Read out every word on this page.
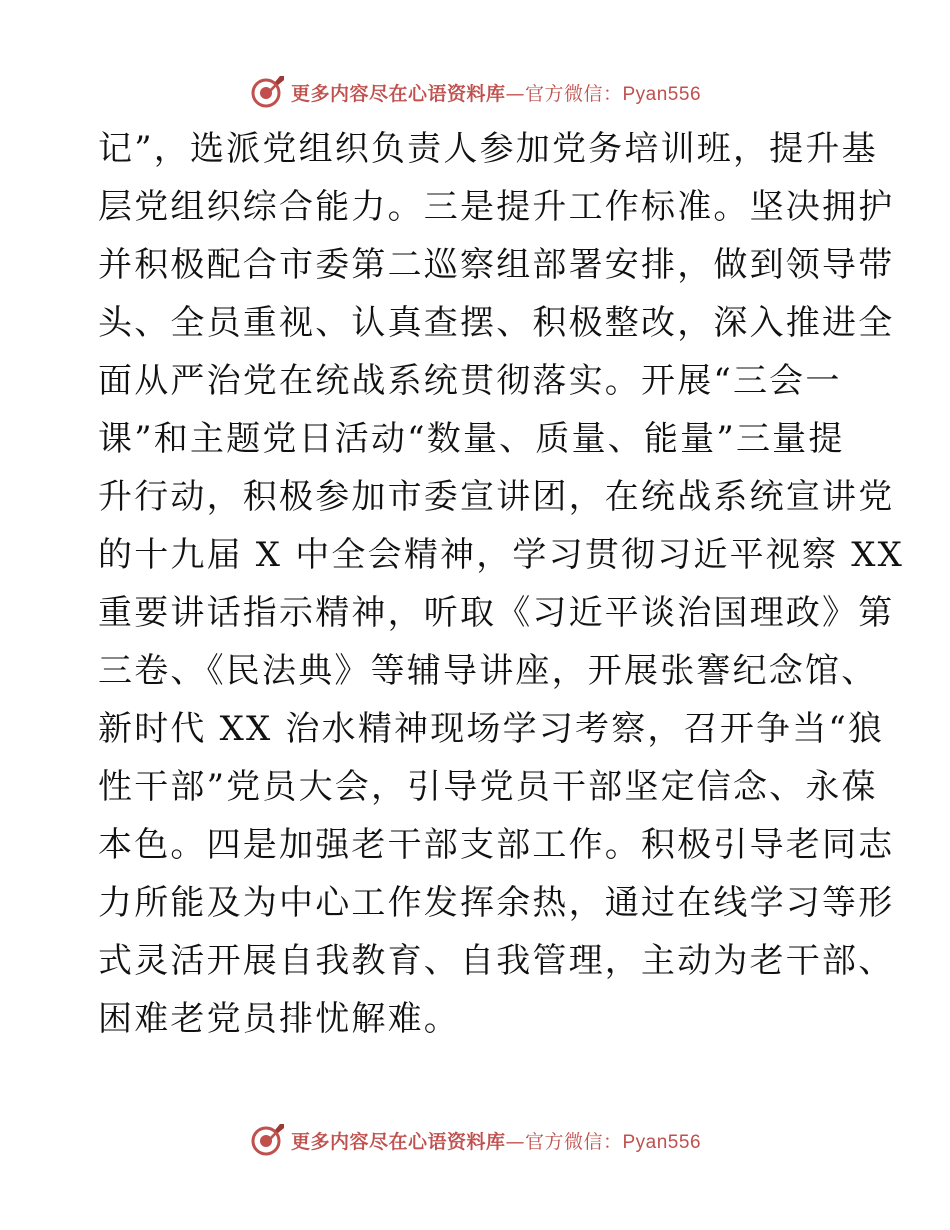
更多内容尽在心语资料库—官方微信：Pyan556
记”，选派党组织负责人参加党务培训班，提升基
层党组织综合能力。三是提升工作标准。坚决拥护
并积极配合市委第二巡察组部署安排，做到领导带
头、全员重视、认真查摆、积极整改，深入推进全
面从严治党在统战系统贯彻落实。开展“三会一
课”和主题党日活动“数量、质量、能量”三量提
升行动，积极参加市委宣讲团，在统战系统宣讲党
的十九届 X 中全会精神，学习贯彻习近平视察 XX
重要讲话指示精神，听取《习近平谈治国理政》第
三卷、《民法典》等辅导讲座，开展张謇纪念馆、
新时代 XX 治水精神现场学习考察，召开争当“狼
性干部”党员大会，引导党员干部坚定信念、永葆
本色。四是加强老干部支部工作。积极引导老同志
力所能及为中心工作发挥余热，通过在线学习等形
式灵活开展自我教育、自我管理，主动为老干部、
困难老党员排忧解难。
更多内容尽在心语资料库—官方微信：Pyan556
